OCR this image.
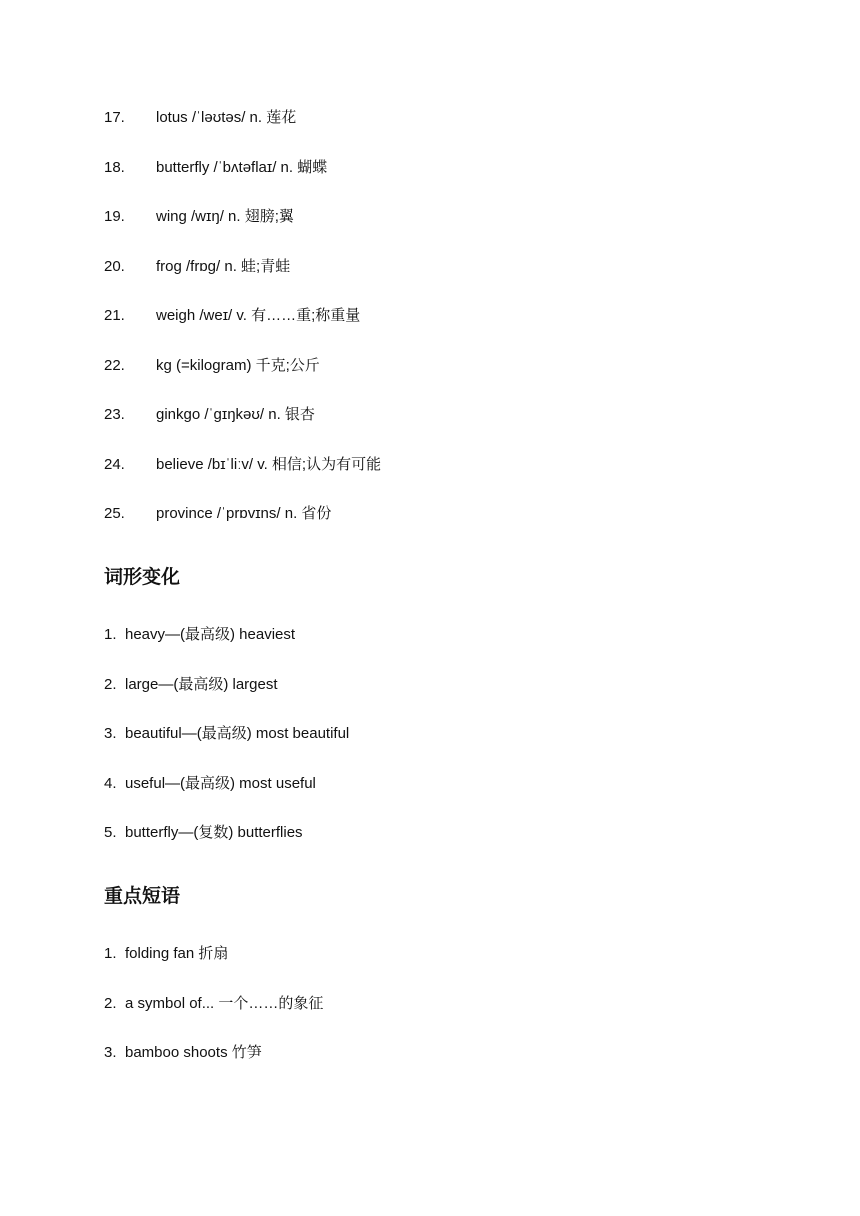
17.	lotus /ˈləʊtəs/ n. 莲花
18.	butterfly /ˈbʌtəflaɪ/ n. 蝴蝶
19.	wing /wɪŋ/ n. 翅膀;翼
20.	frog /frɒɡ/ n. 蛙;青蛙
21.	weigh /weɪ/ v. 有……重;称重量
22.	kg (=kilogram) 千克;公斤
23.	ginkgo /ˈɡɪŋkəʊ/ n. 银杏
24.	believe /bɪˈliːv/ v. 相信;认为有可能
25.	province /ˈprɒvɪns/ n. 省份
词形变化
1. heavy—(最高级) heaviest
2. large—(最高级) largest
3. beautiful—(最高级) most beautiful
4. useful—(最高级) most useful
5. butterfly—(复数) butterflies
重点短语
1. folding fan 折扇
2. a symbol of... 一个……的象征
3. bamboo shoots 竹笋
